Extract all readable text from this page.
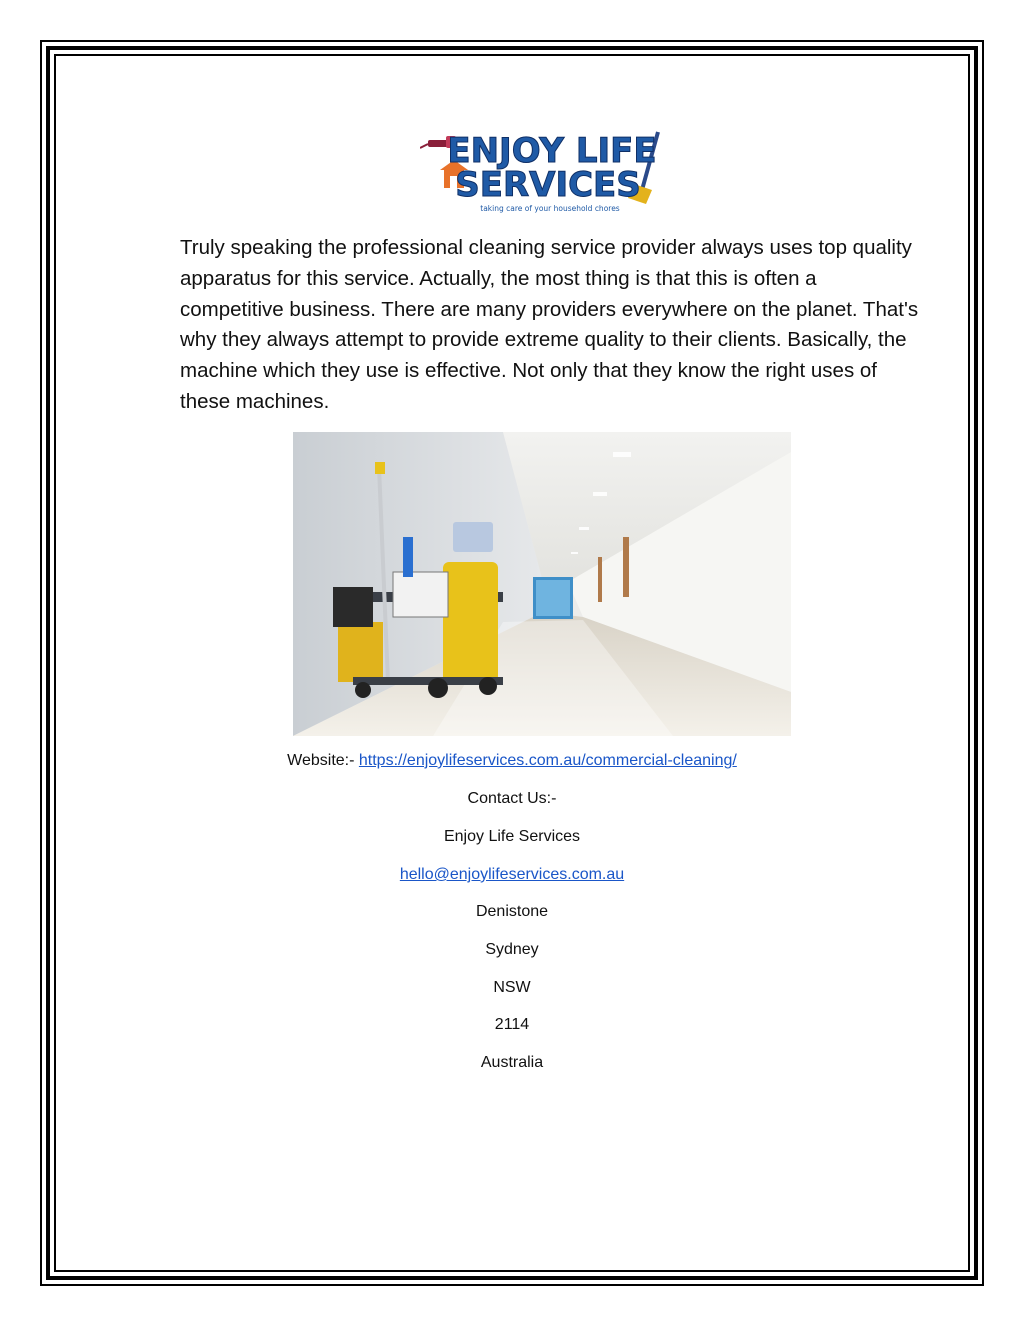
ENJOY LIFE
SERVICES
taking care of your household chores

Truly speaking the professional cleaning service provider always uses top quality apparatus for this service. Actually, the most thing is that this is often a competitive business. There are many providers everywhere on the planet. That's why they always attempt to provide extreme quality to their clients. Basically, the machine which they use is effective. Not only that they know the right uses of these machines.

Website:- https://enjoylifeservices.com.au/commercial-cleaning/
Contact Us:-
Enjoy Life Services
hello@enjoylifeservices.com.au
Denistone
Sydney
NSW
2114
Australia
